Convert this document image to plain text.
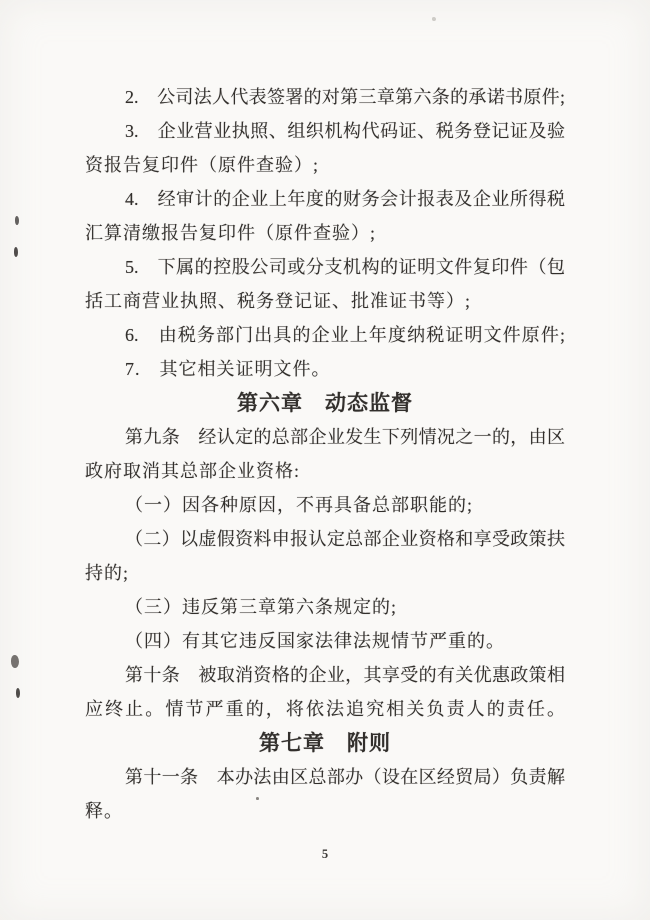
2.　公司法人代表签署的对第三章第六条的承诺书原件;

3.　企业营业执照、组织机构代码证、税务登记证及验

资报告复印件（原件查验）;

4.　经审计的企业上年度的财务会计报表及企业所得税

汇算清缴报告复印件（原件查验）;

5.　下属的控股公司或分支机构的证明文件复印件（包

括工商营业执照、税务登记证、批准证书等）;

6.　由税务部门出具的企业上年度纳税证明文件原件;

7.　其它相关证明文件。

第六章　动态监督

第九条　经认定的总部企业发生下列情况之一的，由区

政府取消其总部企业资格:

（一）因各种原因，不再具备总部职能的;

（二）以虚假资料申报认定总部企业资格和享受政策扶

持的;

（三）违反第三章第六条规定的;

（四）有其它违反国家法律法规情节严重的。

第十条　被取消资格的企业，其享受的有关优惠政策相

应终止。情节严重的，将依法追究相关负责人的责任。

第七章　附则

第十一条　本办法由区总部办（设在区经贸局）负责解

释。

5
